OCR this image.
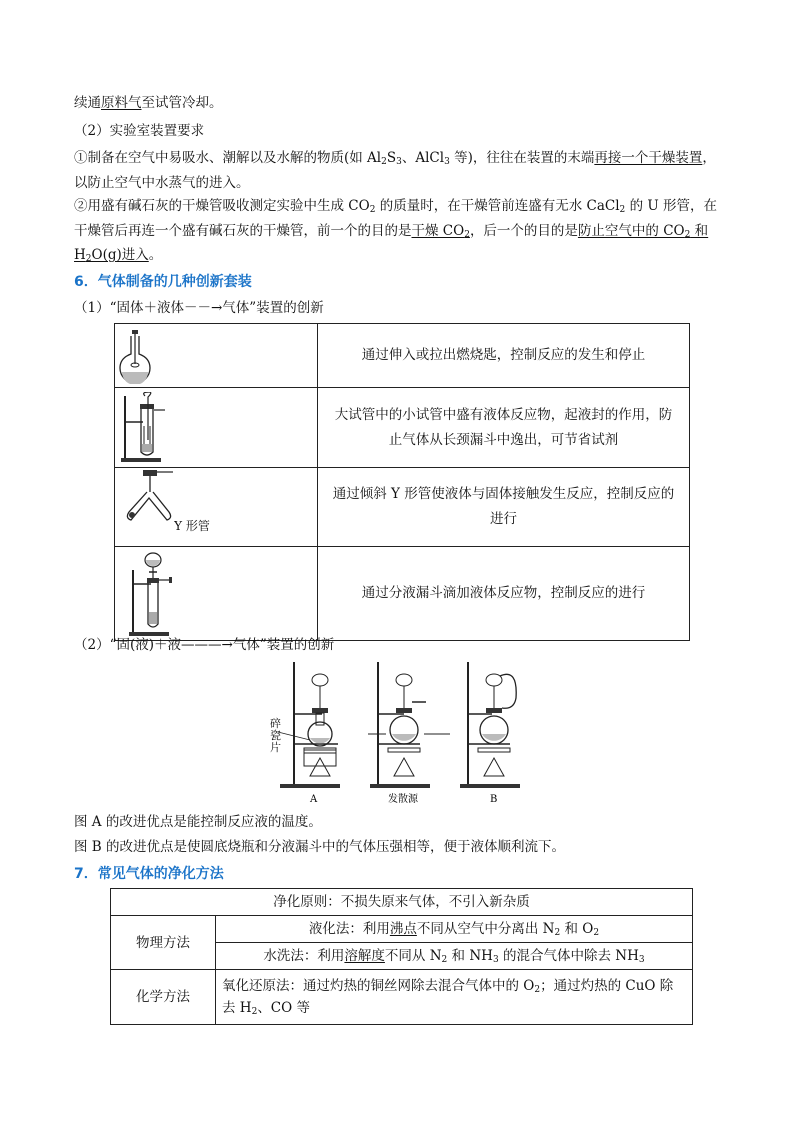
续通原料气至试管冷却。
（2）实验室装置要求
①制备在空气中易吸水、潮解以及水解的物质(如 $Al_2S_3$、AlCl$_3$ 等)，往往在装置的末端再接一个干燥装置，
以防止空气中水蒸气的进入。
②用盛有碱石灰的干燥管吸收测定实验中生成 $CO_2$ 的质量时，在干燥管前连盛有无水 CaCl$_2$ 的 U 形管，在
干燥管后再连一个盛有碱石灰的干燥管，前一个的目的是干燥 $CO_2$，后一个的目的是防止空气中的 $CO_2$ 和
$H_2O(g)$进入。
6．气体制备的几种创新套装
（1）“固体＋液体－－→气体”装置的创新
	通过伸入或拉出燃烧匙，控制反应的发生和停止

	大试管中的小试管中盛有液体反应物，起液封的作用，防止气体从长颈漏斗中逸出，可节省试剂

Y 形管	通过倾斜 Y 形管使液体与固体接触发生反应，控制反应的进行

	通过分液漏斗滴加液体反应物，控制反应的进行
（2）“固(液)＋液———→气体”装置的创新
A	发散源	B
碎瓷片
图 A 的改进优点是能控制反应液的温度。
图 B 的改进优点是使圆底烧瓶和分液漏斗中的气体压强相等，便于液体顺利流下。
7．常见气体的净化方法
净化原则：不损失原来气体，不引入新杂质	
物理方法	液化法：利用沸点不同从空气中分离出 $N_2$ 和 $O_2$
	水洗法：利用溶解度不同从 $N_2$ 和 $NH_3$ 的混合气体中除去 $NH_3$
化学方法	氧化还原法：通过灼热的铜丝网除去混合气体中的 $O_2$；通过灼热的 CuO 除
去 $H_2$、CO 等
